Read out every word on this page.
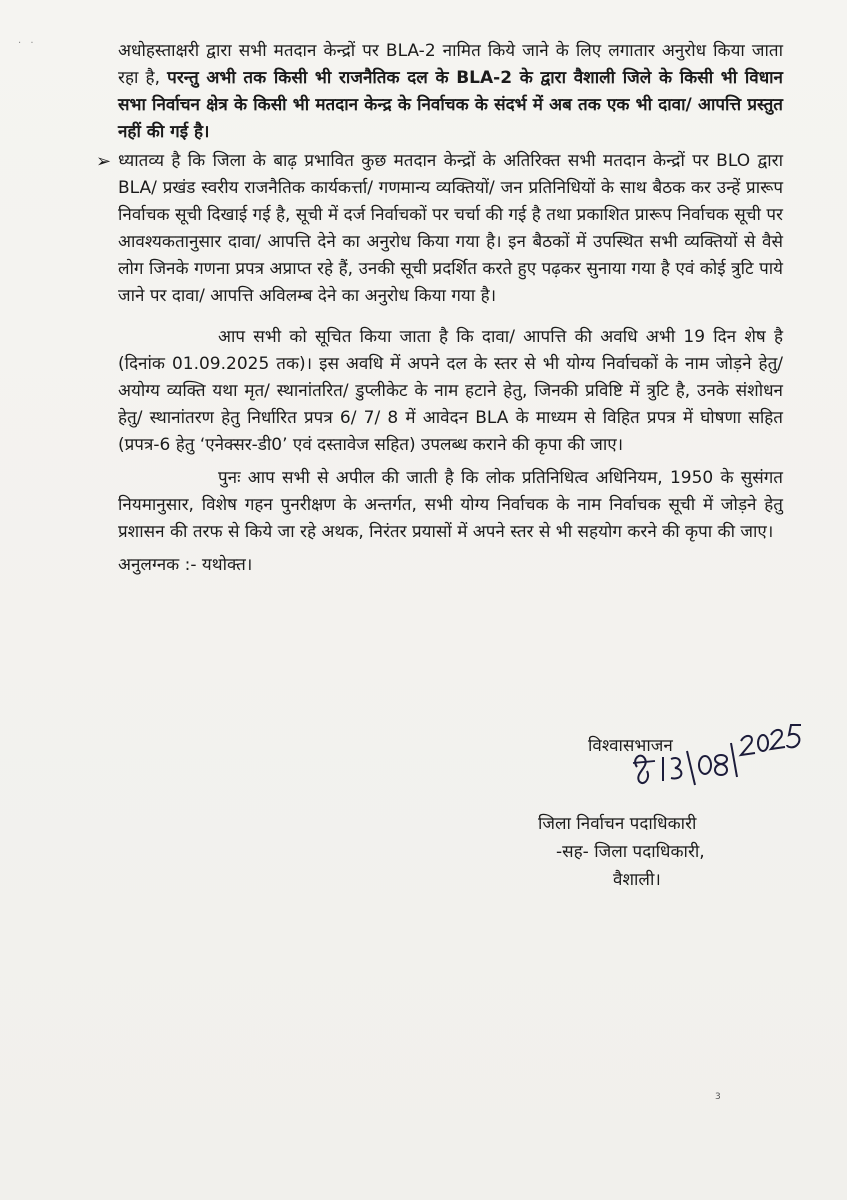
· ·	अधोहस्ताक्षरी द्वारा सभी मतदान केन्द्रों पर BLA-2 नामित किये जाने के लिए लगातार अनुरोध किया जाता रहा है, परन्तु अभी तक किसी भी राजनैतिक दल के BLA-2 के द्वारा वैशाली जिले के किसी भी विधान सभा निर्वाचन क्षेत्र के किसी भी मतदान केन्द्र के निर्वाचक के संदर्भ में अब तक एक भी दावा/ आपत्ति प्रस्तुत नहीं की गई है।

➢ ध्यातव्य है कि जिला के बाढ़ प्रभावित कुछ मतदान केन्द्रों के अतिरिक्त सभी मतदान केन्द्रों पर BLO द्वारा BLA/ प्रखंड स्वरीय राजनैतिक कार्यकर्त्ता/ गणमान्य व्यक्तियों/ जन प्रतिनिधियों के साथ बैठक कर उन्हें प्रारूप निर्वाचक सूची दिखाई गई है, सूची में दर्ज निर्वाचकों पर चर्चा की गई है तथा प्रकाशित प्रारूप निर्वाचक सूची पर आवश्यकतानुसार दावा/ आपत्ति देने का अनुरोध किया गया है। इन बैठकों में उपस्थित सभी व्यक्तियों से वैसे लोग जिनके गणना प्रपत्र अप्राप्त रहे हैं, उनकी सूची प्रदर्शित करते हुए पढ़कर सुनाया गया है एवं कोई त्रुटि पाये जाने पर दावा/ आपत्ति अविलम्ब देने का अनुरोध किया गया है।

आप सभी को सूचित किया जाता है कि दावा/ आपत्ति की अवधि अभी 19 दिन शेष है (दिनांक 01.09.2025 तक)। इस अवधि में अपने दल के स्तर से भी योग्य निर्वाचकों के नाम जोड़ने हेतु/ अयोग्य व्यक्ति यथा मृत/ स्थानांतरित/ डुप्लीकेट के नाम हटाने हेतु, जिनकी प्रविष्टि में त्रुटि है, उनके संशोधन हेतु/ स्थानांतरण हेतु निर्धारित प्रपत्र 6/ 7/ 8 में आवेदन BLA के माध्यम से विहित प्रपत्र में घोषणा सहित (प्रपत्र-6 हेतु ‘एनेक्सर-डी0’ एवं दस्तावेज सहित) उपलब्ध कराने की कृपा की जाए।

पुनः आप सभी से अपील की जाती है कि लोक प्रतिनिधित्व अधिनियम, 1950 के सुसंगत नियमानुसार, विशेष गहन पुनरीक्षण के अन्तर्गत, सभी योग्य निर्वाचक के नाम निर्वाचक सूची में जोड़ने हेतु प्रशासन की तरफ से किये जा रहे अथक, निरंतर प्रयासों में अपने स्तर से भी सहयोग करने की कृपा की जाए।

अनुलग्नक :- यथोक्त।

विश्वासभाजन
जिला निर्वाचन पदाधिकारी
-सह- जिला पदाधिकारी,
वैशाली।
3
